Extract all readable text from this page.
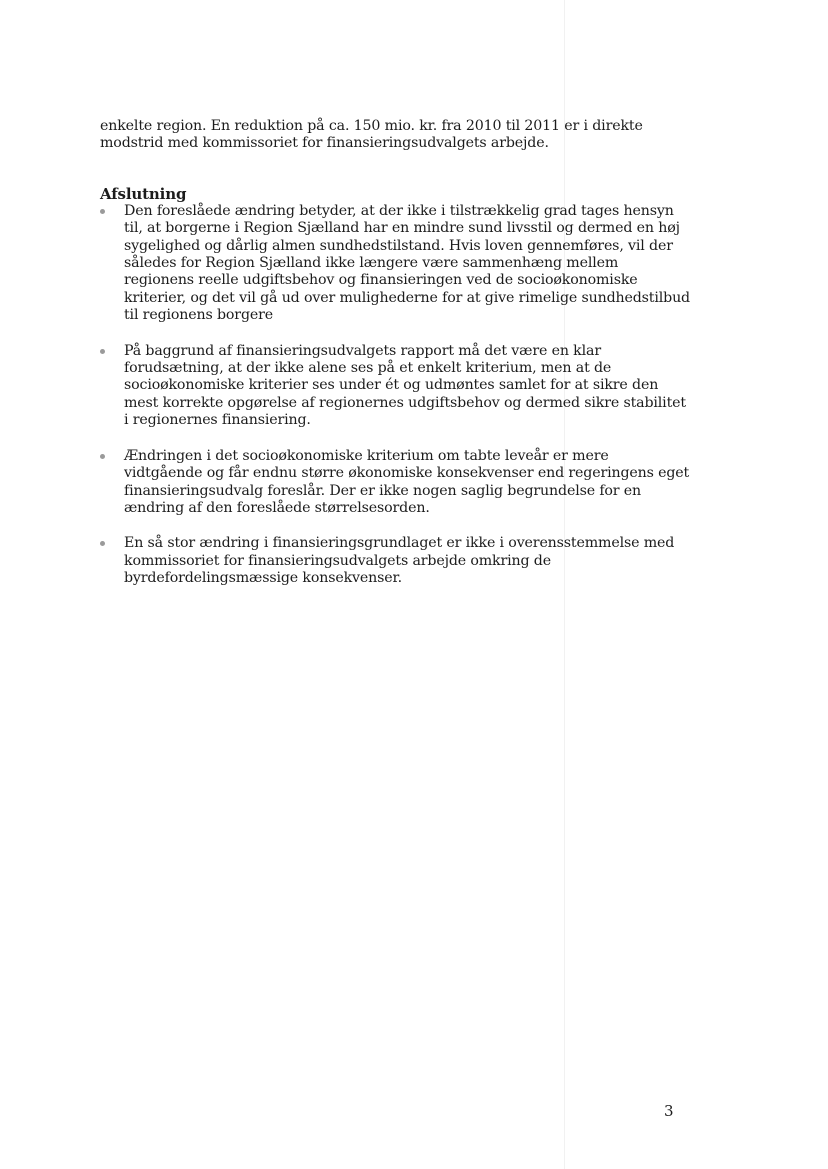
enkelte region. En reduktion på ca. 150 mio. kr. fra 2010 til 2011 er i direkte modstrid med kommissoriet for finansieringsudvalgets arbejde.

Afslutning
Den foreslåede ændring betyder, at der ikke i tilstrækkelig grad tages hensyn til, at borgerne i Region Sjælland har en mindre sund livsstil og dermed en høj sygelighed og dårlig almen sundhedstilstand. Hvis loven gennemføres, vil der således for Region Sjælland ikke længere være sammenhæng mellem regionens reelle udgiftsbehov og finansieringen ved de socioøkonomiske kriterier, og det vil gå ud over mulighederne for at give rimelige sundhedstilbud til regionens borgere
På baggrund af finansieringsudvalgets rapport må det være en klar forudsætning, at der ikke alene ses på et enkelt kriterium, men at de socioøkonomiske kriterier ses under ét og udmøntes samlet for at sikre den mest korrekte opgørelse af regionernes udgiftsbehov og dermed sikre stabilitet i regionernes finansiering.
Ændringen i det socioøkonomiske kriterium om tabte leveår er mere vidtgående og får endnu større økonomiske konsekvenser end regeringens eget finansieringsudvalg foreslår. Der er ikke nogen saglig begrundelse for en ændring af den foreslåede størrelsesorden.
En så stor ændring i finansieringsgrundlaget er ikke i overensstemmelse med kommissoriet for finansieringsudvalgets arbejde omkring de byrdefordelingsmæssige konsekvenser.
3
